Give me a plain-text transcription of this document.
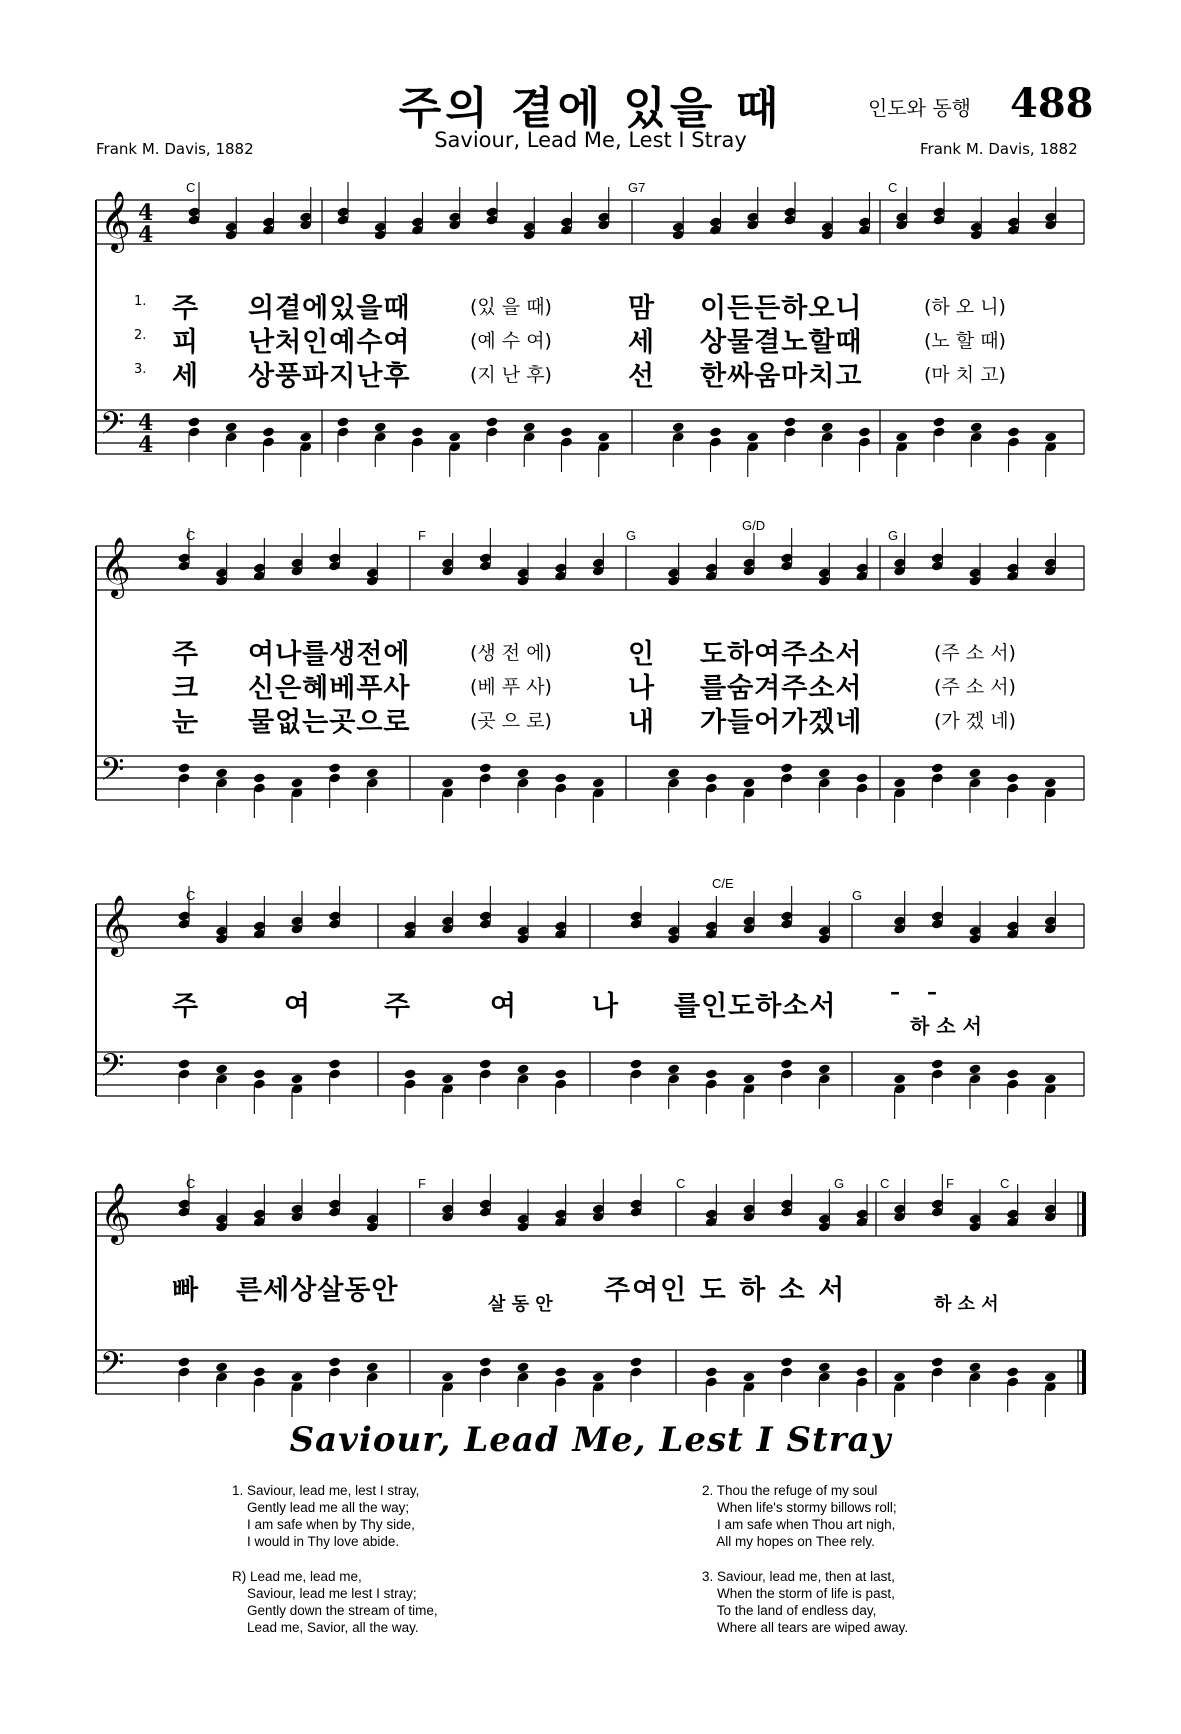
주의 곁에 있을 때
Saviour, Lead Me, Lest I Stray
인도와 동행 488
Frank M. Davis, 1882	Frank M. Davis, 1882
𝄞 4
4
𝄢 4
4
𝄞
𝄢
𝄞
𝄢
𝄞
𝄢
C	G7	C
1. 주 의곁에있을때	(있 을 때)	맘 이든든하오니	(하 오 니)
2. 피 난처인예수여	(예 수 여)	세 상물결노할때	(노 할 때)
3. 세 상풍파지난후	(지 난 후)	선 한싸움마치고	(마 치 고)
C	F	G
G/D
G
주 여나를생전에	(생 전 에)	인 도하여주소서	(주 소 서)
크 신은혜베푸사	(베 푸 사)	나 를숨겨주소서	(주 소 서)
눈 물없는곳으로	(곳 으 로)	내 가들어가겠네	(가 겠 네)
C
C/E
G
주	여	주	여	나 를인도하소서	– –
하 소 서
C	F	C	G	C	F	C
빠 른세상살동안	살 동 안 주여인 도 하 소 서	하 소 서
Saviour, Lead Me, Lest I Stray
1. Saviour, lead me, lest I stray,
Gently lead me all the way;
I am safe when by Thy side,
I would in Thy love abide.
R) Lead me, lead me,
Saviour, lead me lest I stray;
Gently down the stream of time,
Lead me, Savior, all the way.
2. Thou the refuge of my soul
When life's stormy billows roll;
I am safe when Thou art nigh,
All my hopes on Thee rely.
3. Saviour, lead me, then at last,
When the storm of life is past,
To the land of endless day,
Where all tears are wiped away.
